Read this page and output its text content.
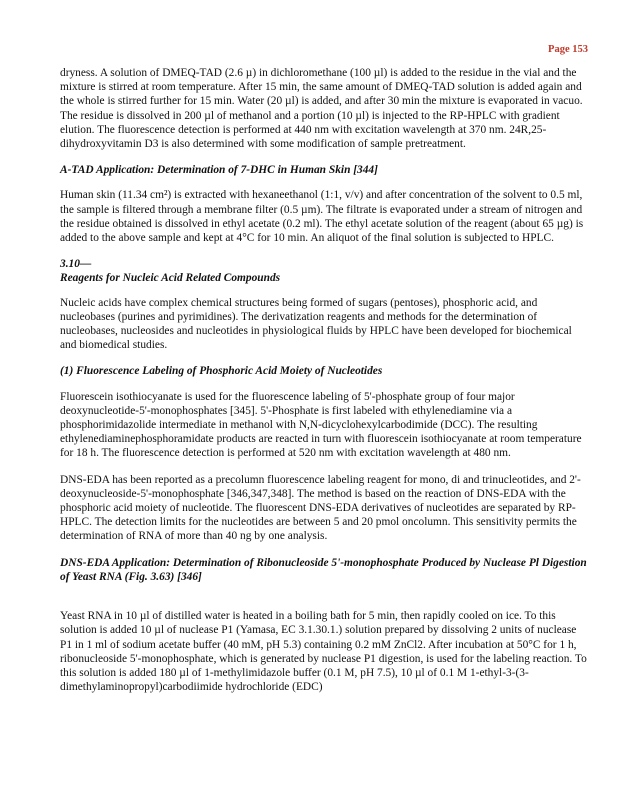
Page 153

dryness. A solution of DMEQ-TAD (2.6 µ) in dichloromethane (100 µl) is added to the residue in the vial and the mixture is stirred at room temperature. After 15 min, the same amount of DMEQ-TAD solution is added again and the whole is stirred further for 15 min. Water (20 µl) is added, and after 30 min the mixture is evaporated in vacuo. The residue is dissolved in 200 µl of methanol and a portion (10 µl) is injected to the RP-HPLC with gradient elution. The fluorescence detection is performed at 440 nm with excitation wavelength at 370 nm. 24R,25-dihydroxyvitamin D3 is also determined with some modification of sample pretreatment.

A-TAD Application: Determination of 7-DHC in Human Skin [344]

Human skin (11.34 cm²) is extracted with hexaneethanol (1:1, v/v) and after concentration of the solvent to 0.5 ml, the sample is filtered through a membrane filter (0.5 µm). The filtrate is evaporated under a stream of nitrogen and the residue obtained is dissolved in ethyl acetate (0.2 ml). The ethyl acetate solution of the reagent (about 65 µg) is added to the above sample and kept at 4°C for 10 min. An aliquot of the final solution is subjected to HPLC.

3.10—
Reagents for Nucleic Acid Related Compounds

Nucleic acids have complex chemical structures being formed of sugars (pentoses), phosphoric acid, and nucleobases (purines and pyrimidines). The derivatization reagents and methods for the determination of nucleobases, nucleosides and nucleotides in physiological fluids by HPLC have been developed for biochemical and biomedical studies.

(1) Fluorescence Labeling of Phosphoric Acid Moiety of Nucleotides

Fluorescein isothiocyanate is used for the fluorescence labeling of 5'-phosphate group of four major deoxynucleotide-5'-monophosphates [345]. 5'-Phosphate is first labeled with ethylenediamine via a phosphorimidazolide intermediate in methanol with N,N-dicyclohexylcarbodimide (DCC). The resulting ethylenediaminephosphoramidate products are reacted in turn with fluorescein isothiocyanate at room temperature for 18 h. The fluorescence detection is performed at 520 nm with excitation wavelength at 480 nm.

DNS-EDA has been reported as a precolumn fluorescence labeling reagent for mono, di and trinucleotides, and 2'-deoxynucleoside-5'-monophosphate [346,347,348]. The method is based on the reaction of DNS-EDA with the phosphoric acid moiety of nucleotide. The fluorescent DNS-EDA derivatives of nucleotides are separated by RP-HPLC. The detection limits for the nucleotides are between 5 and 20 pmol oncolumn. This sensitivity permits the determination of RNA of more than 40 ng by one analysis.

DNS-EDA Application: Determination of Ribonucleoside 5'-monophosphate Produced by Nuclease Pl Digestion of Yeast RNA (Fig. 3.63) [346]

Yeast RNA in 10 µl of distilled water is heated in a boiling bath for 5 min, then rapidly cooled on ice. To this solution is added 10 µl of nuclease P1 (Yamasa, EC 3.1.30.1.) solution prepared by dissolving 2 units of nuclease P1 in 1 ml of sodium acetate buffer (40 mM, pH 5.3) containing 0.2 mM ZnCl2. After incubation at 50°C for 1 h, ribonucleoside 5'-monophosphate, which is generated by nuclease P1 digestion, is used for the labeling reaction. To this solution is added 180 µl of 1-methylimidazole buffer (0.1 M, pH 7.5), 10 µl of 0.1 M 1-ethyl-3-(3-dimethylaminopropyl)carbodiimide hydrochloride (EDC)
